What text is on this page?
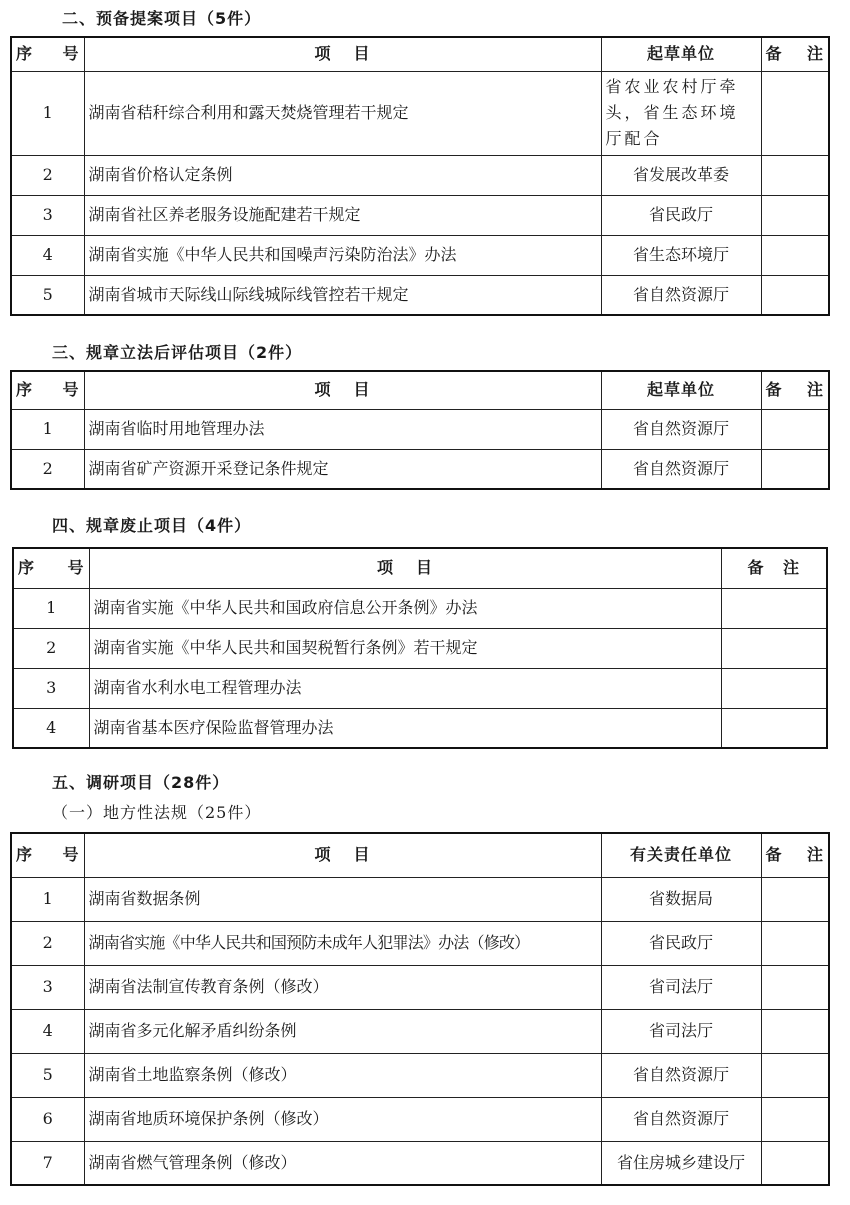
二、预备提案项目（5件）
序　号	项 目	起草单位	备　注
1	湖南省秸秆综合利用和露天焚烧管理若干规定	省农业农村厅牵头，省生态环境厅配合	
2	湖南省价格认定条例	省发展改革委	
3	湖南省社区养老服务设施配建若干规定	省民政厅	
4	湖南省实施《中华人民共和国噪声污染防治法》办法	省生态环境厅	
5	湖南省城市天际线山际线城际线管控若干规定	省自然资源厅	
三、规章立法后评估项目（2件）
序　号	项 目	起草单位	备　注
1	湖南省临时用地管理办法	省自然资源厅	
2	湖南省矿产资源开采登记条件规定	省自然资源厅	
四、规章废止项目（4件）
序　号	项 目	备　注
1	湖南省实施《中华人民共和国政府信息公开条例》办法	
2	湖南省实施《中华人民共和国契税暂行条例》若干规定	
3	湖南省水利水电工程管理办法	
4	湖南省基本医疗保险监督管理办法	
五、调研项目（28件）
（一）地方性法规（25件）
序　号	项 目	有关责任单位	备　注
1	湖南省数据条例	省数据局	
2	湖南省实施《中华人民共和国预防未成年人犯罪法》办法（修改）	省民政厅	
3	湖南省法制宣传教育条例（修改）	省司法厅	
4	湖南省多元化解矛盾纠纷条例	省司法厅	
5	湖南省土地监察条例（修改）	省自然资源厅	
6	湖南省地质环境保护条例（修改）	省自然资源厅	
7	湖南省燃气管理条例（修改）	省住房城乡建设厅	
